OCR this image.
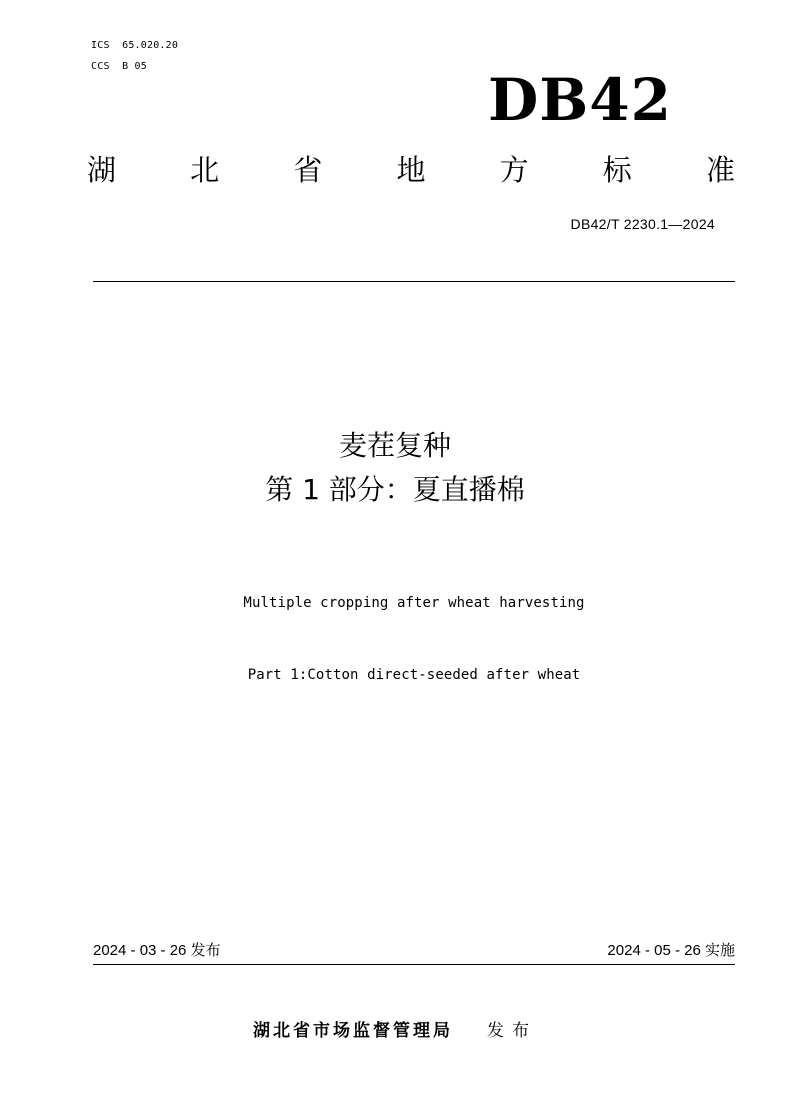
ICS  65.020.20
CCS  B 05	DB42
湖	北	省	地	方	标	准
DB42/T 2230.1—2024
麦茬复种
第 1 部分：夏直播棉

Multiple cropping after wheat harvesting

Part 1:Cotton direct-seeded after wheat

2024 - 03 - 26 发布	2024 - 05 - 26 实施
湖北省市场监督管理局 发布
